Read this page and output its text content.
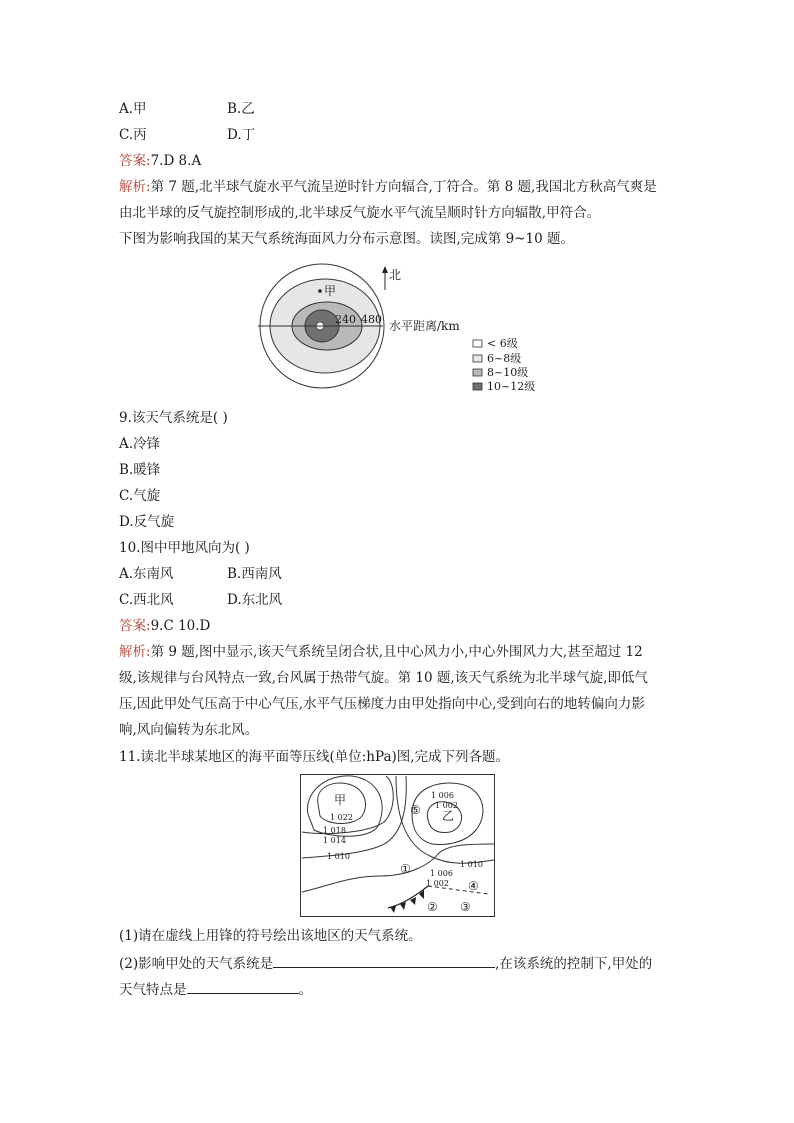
A.甲	B.乙
C.丙	D.丁
答案:7.D 8.A
解析:第 7 题,北半球气旋水平气流呈逆时针方向辐合,丁符合。第 8 题,我国北方秋高气爽是
由北半球的反气旋控制形成的,北半球反气旋水平气流呈顺时针方向辐散,甲符合。
下图为影响我国的某天气系统海面风力分布示意图。读图,完成第 9~10 题。
甲
240 480
北
水平距离/km
< 6级
6~8级
8~10级
10~12级
9.该天气系统是( )
A.冷锋
B.暖锋
C.气旋
D.反气旋
10.图中甲地风向为( )
A.东南风	B.西南风
C.西北风	D.东北风
答案:9.C 10.D
解析:第 9 题,图中显示,该天气系统呈闭合状,且中心风力小,中心外围风力大,甚至超过 12
级,该规律与台风特点一致,台风属于热带气旋。第 10 题,该天气系统为北半球气旋,即低气
压,因此甲处气压高于中心气压,水平气压梯度力由甲处指向中心,受到向右的地转偏向力影
响,风向偏转为东北风。
11.读北半球某地区的海平面等压线(单位:hPa)图,完成下列各题。
甲
乙
1 022
1 018
1 014
1 010
1 006
1 002
1 006
1 002
1 010
①
② ③
④
⑤
(1)请在虚线上用锋的符号绘出该地区的天气系统。
(2)影响甲处的天气系统是	,在该系统的控制下,甲处的
天气特点是	。
